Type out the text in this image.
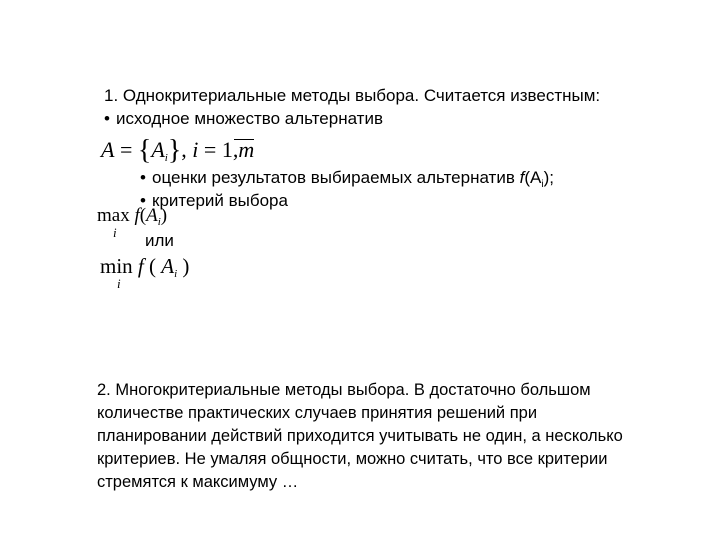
1. Однокритериальные методы выбора. Считается известным:
• исходное множество альтернатив
A = {Ai}, i = 1,m
• оценки результатов выбираемых альтернатив $f(A_i)$;
• критерий выбора
$\max f(A_i)$
i или
min f ( Ai )
i
2. Многокритериальные методы выбора. В достаточно большом
количестве практических случаев принятия решений при
планировании действий приходится учитывать не один, а несколько
критериев. Не умаляя общности, можно считать, что все критерии
стремятся к максимуму …
